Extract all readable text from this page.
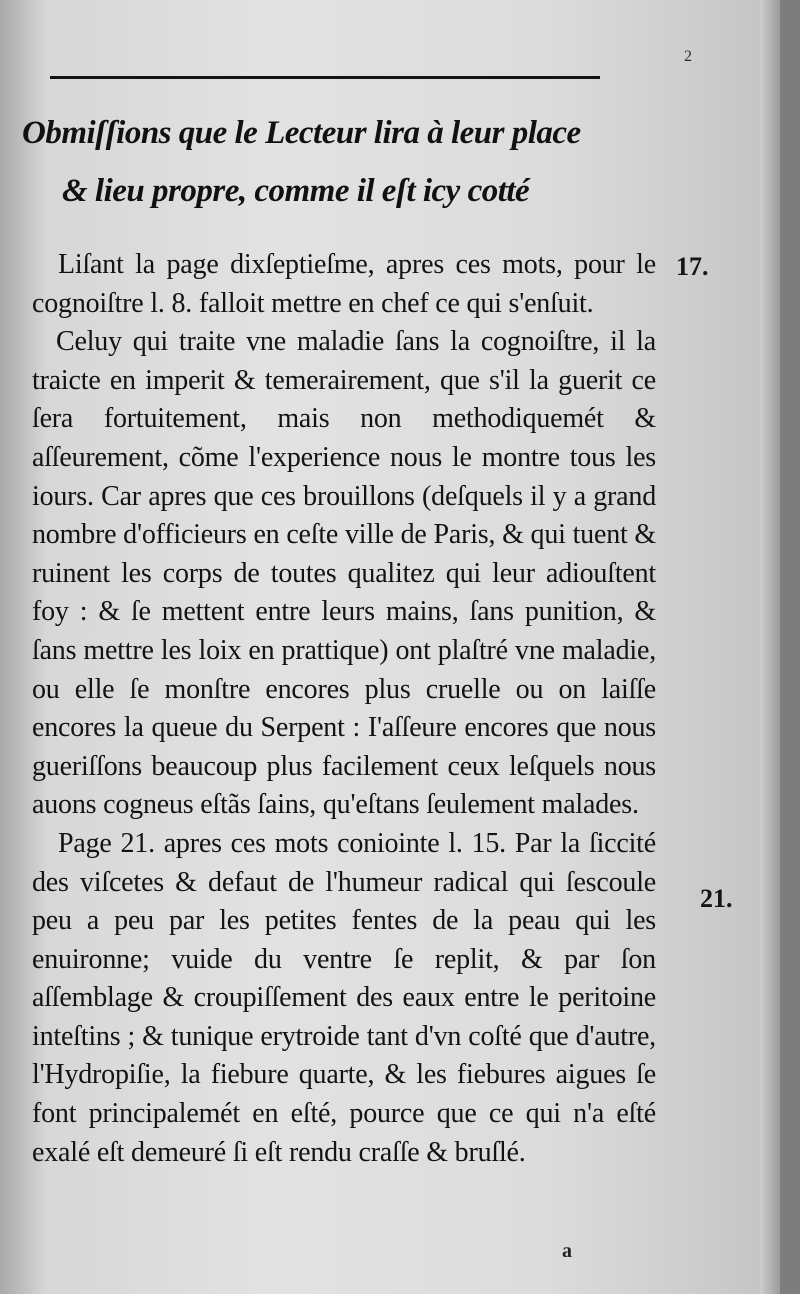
2
Obmiſſions que le Lecteur lira à leur place
& lieu propre, comme il eſt icy cotté

Liſant la page dixſeptieſme, apres ces mots, pour le cognoiſtre l. 8. falloit mettre en chef ce qui s'enſuit.

Celuy qui traite vne maladie ſans la cognoiſtre, il la traicte en imperit & temerairement, que s'il la guerit ce ſera fortuitement, mais non methodiquemét & aſſeurement, cõme l'experience nous le montre tous les iours. Car apres que ces brouillons (deſquels il y a grand nombre d'officieurs en ceſte ville de Paris, & qui tuent & ruinent les corps de toutes qualitez qui leur adiouſtent foy : & ſe mettent entre leurs mains, ſans punition, & ſans mettre les loix en prattique) ont plaſtré vne maladie, ou elle ſe monſtre encores plus cruelle ou on laiſſe encores la queue du Serpent : I'aſſeure encores que nous gueriſſons beaucoup plus facilement ceux leſquels nous auons cogneus eſtãs ſains, qu'eſtans ſeulement malades.

Page 21. apres ces mots coniointe l. 15. Par la ſiccité des viſcetes & defaut de l'humeur radical qui ſescoule peu a peu par les petites fentes de la peau qui les enuironne; vuide du ventre ſe replit, & par ſon aſſemblage & croupiſſement des eaux entre le peritoine inteſtins ; & tunique erytroide tant d'vn coſté que d'autre, l'Hydropiſie, la fiebure quarte, & les fiebures aigues ſe font principalemét en eſté, pource que ce qui n'a eſté exalé eſt demeuré ſi eſt rendu craſſe & bruſlé.

17.
21.
a
